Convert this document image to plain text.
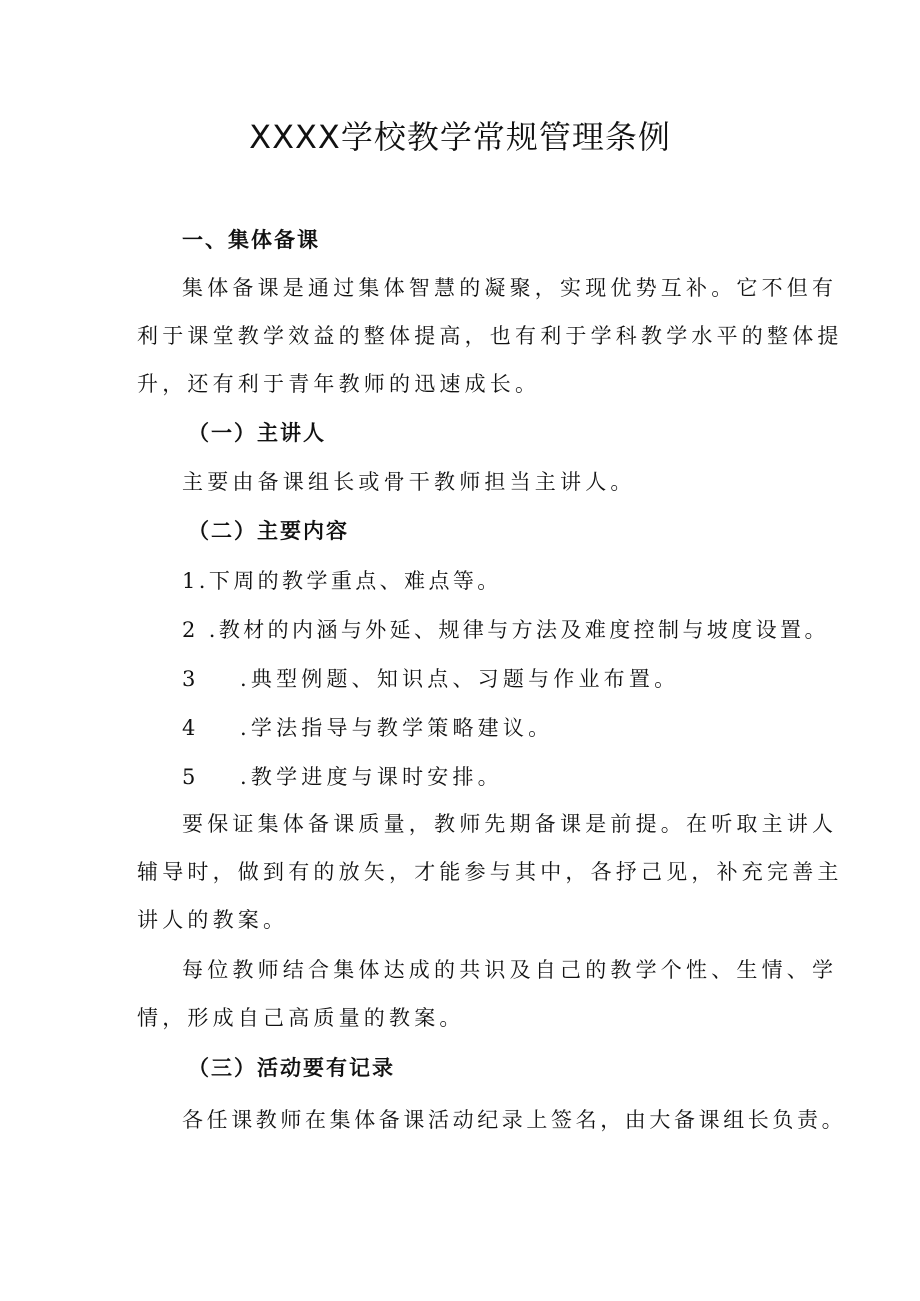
XXXX学校教学常规管理条例
一、集体备课
集体备课是通过集体智慧的凝聚，实现优势互补。它不但有
利于课堂教学效益的整体提高，也有利于学科教学水平的整体提
升，还有利于青年教师的迅速成长。
（一）主讲人
主要由备课组长或骨干教师担当主讲人。
（二）主要内容
1.下周的教学重点、难点等。
2 .教材的内涵与外延、规律与方法及难度控制与坡度设置。
3 .典型例题、知识点、习题与作业布置。
4 .学法指导与教学策略建议。
5 .教学进度与课时安排。
要保证集体备课质量，教师先期备课是前提。在听取主讲人
辅导时，做到有的放矢，才能参与其中，各抒己见，补充完善主
讲人的教案。
每位教师结合集体达成的共识及自己的教学个性、生情、学
情，形成自己高质量的教案。
（三）活动要有记录
各任课教师在集体备课活动纪录上签名，由大备课组长负责。
